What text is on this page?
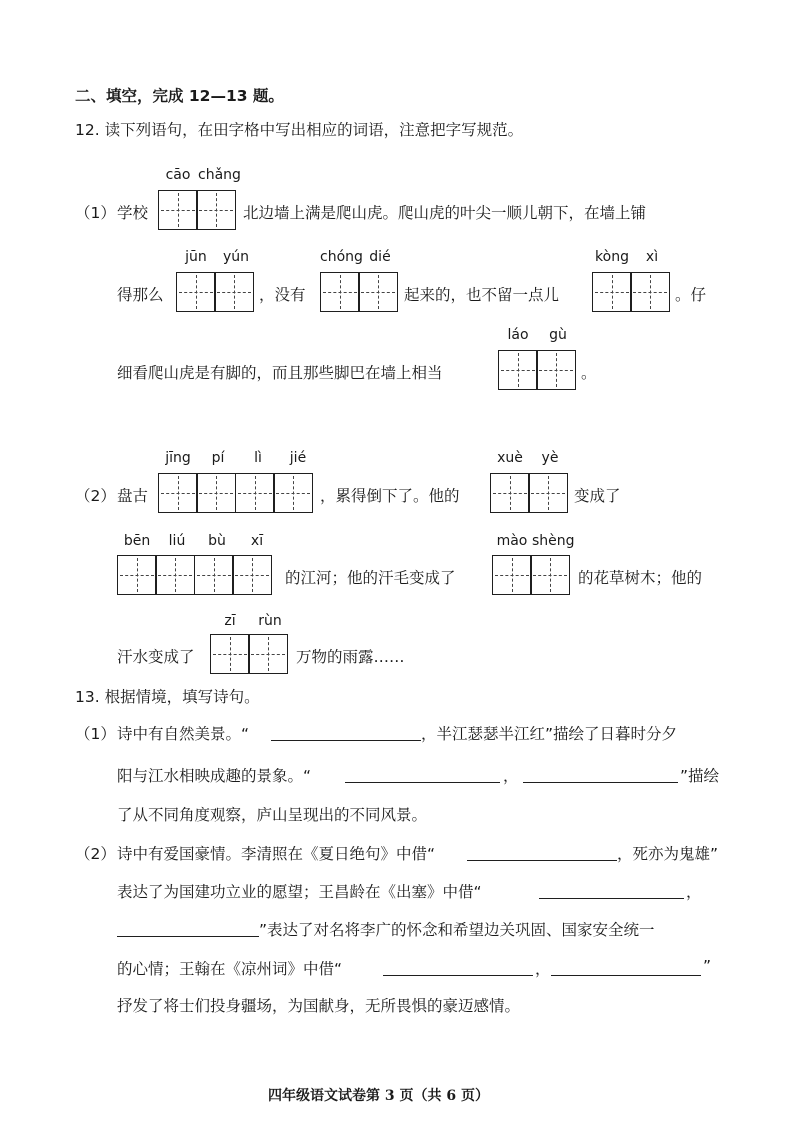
二、填空，完成 12—13 题。
12. 读下列语句，在田字格中写出相应的词语，注意把字写规范。
cāo chǎng
（1） 学校	北边墙上满是爬山虎。爬山虎的叶尖一顺儿朝下，在墙上铺
jūn	yún	chóng dié	kòng	xì
得那么	，没有	起来的，也不留一点儿	。仔
láo	gù
细看爬山虎是有脚的，而且那些脚巴在墙上相当	。
jīng	pí	lì	jié	xuè	yè
（2） 盘古	，累得倒下了。他的	变成了
bēn	liú	bù	xī	mào shèng
的江河；他的汗毛变成了	的花草树木；他的
zī	rùn
汗水变成了	万物的雨露……
13. 根据情境，填写诗句。
（1） 诗中有自然美景。“	，半江瑟瑟半江红”描绘了日暮时分夕
阳与江水相映成趣的景象。“	，	”描绘
了从不同角度观察，庐山呈现出的不同风景。
（2） 诗中有爱国豪情。李清照在《夏日绝句》中借“	，死亦为鬼雄”
表达了为国建功立业的愿望；王昌龄在《出塞》中借“	，
”表达了对名将李广的怀念和希望边关巩固、国家安全统一
的心情；王翰在《凉州词》中借“	，	”
抒发了将士们投身疆场，为国献身，无所畏惧的豪迈感情。
四年级语文试卷第 3 页（共 6 页）
